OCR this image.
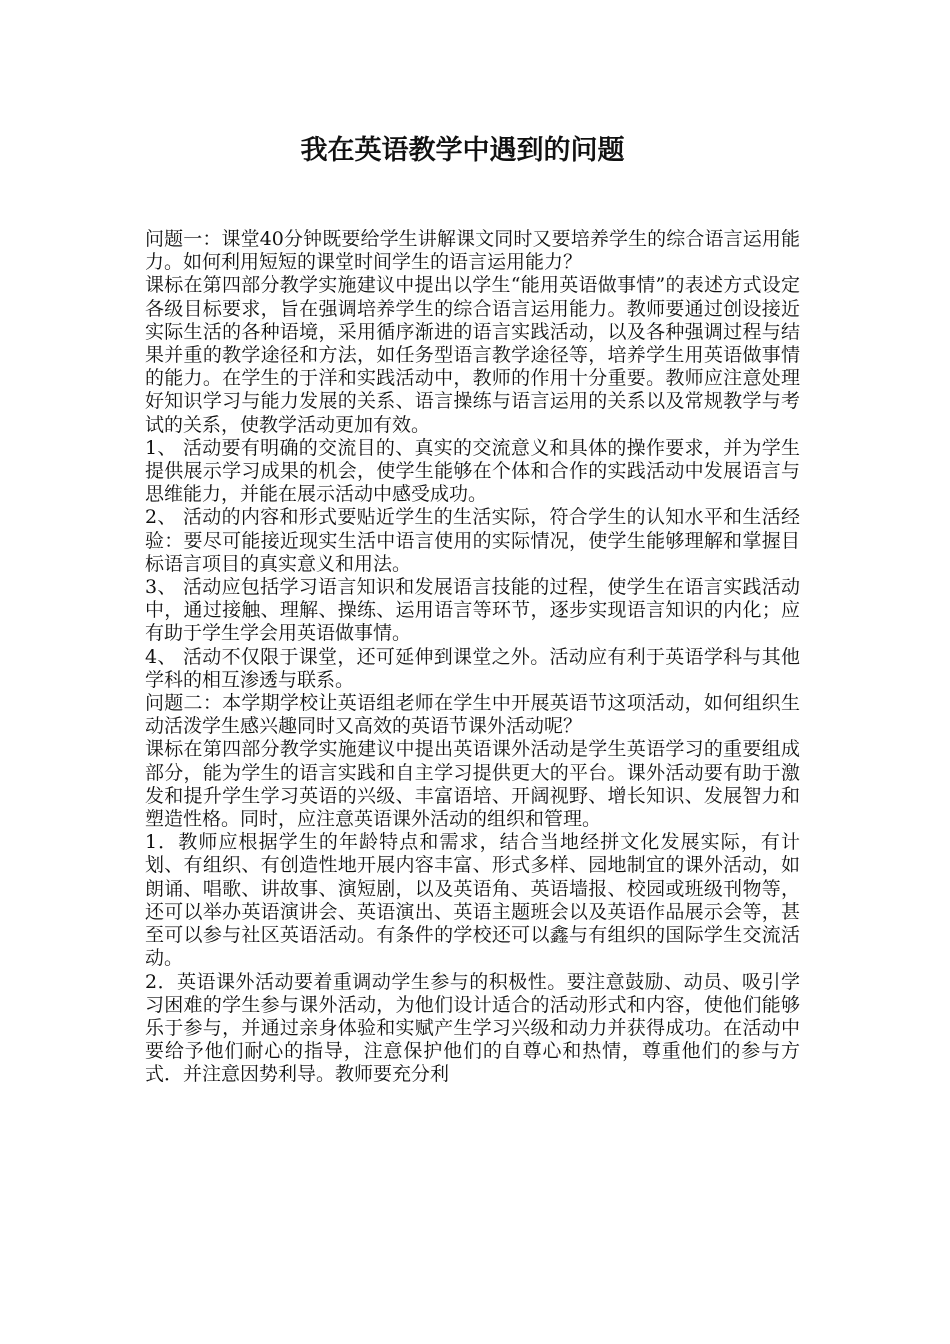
我在英语教学中遇到的问题

问题一：课堂40分钟既要给学生讲解课文同时又要培养学生的综合语言运用能力。如何利用短短的课堂时间学生的语言运用能力？

课标在第四部分教学实施建议中提出以学生“能用英语做事情”的表述方式设定各级目标要求，旨在强调培养学生的综合语言运用能力。教师要通过创设接近实际生活的各种语境，采用循序渐进的语言实践活动，以及各种强调过程与结果并重的教学途径和方法，如任务型语言教学途径等，培养学生用英语做事情的能力。在学生的于洋和实践活动中，教师的作用十分重要。教师应注意处理好知识学习与能力发展的关系、语言操练与语言运用的关系以及常规教学与考试的关系，使教学活动更加有效。

1、 活动要有明确的交流目的、真实的交流意义和具体的操作要求，并为学生提供展示学习成果的机会，使学生能够在个体和合作的实践活动中发展语言与思维能力，并能在展示活动中感受成功。

2、 活动的内容和形式要贴近学生的生活实际，符合学生的认知水平和生活经验：要尽可能接近现实生活中语言使用的实际情况，使学生能够理解和掌握目标语言项目的真实意义和用法。

3、 活动应包括学习语言知识和发展语言技能的过程，使学生在语言实践活动中，通过接触、理解、操练、运用语言等环节，逐步实现语言知识的内化；应有助于学生学会用英语做事情。

4、 活动不仅限于课堂，还可延伸到课堂之外。活动应有利于英语学科与其他学科的相互渗透与联系。

问题二：本学期学校让英语组老师在学生中开展英语节这项活动，如何组织生动活泼学生感兴趣同时又高效的英语节课外活动呢？

课标在第四部分教学实施建议中提出英语课外活动是学生英语学习的重要组成部分，能为学生的语言实践和自主学习提供更大的平台。课外活动要有助于激发和提升学生学习英语的兴级、丰富语培、开阔视野、增长知识、发展智力和塑造性格。同时，应注意英语课外活动的组织和管理。

1．教师应根据学生的年龄特点和需求，结合当地经拼文化发展实际，有计划、有组织、有创造性地开展内容丰富、形式多样、园地制宜的课外活动，如朗诵、唱歌、讲故事、演短剧，以及英语角、英语墙报、校园或班级刊物等，还可以举办英语演讲会、英语演出、英语主题班会以及英语作品展示会等，甚至可以参与社区英语活动。有条件的学校还可以鑫与有组织的国际学生交流活动。

2．英语课外活动要着重调动学生参与的积极性。要注意鼓励、动员、吸引学习困难的学生参与课外活动，为他们设计适合的活动形式和内容，使他们能够乐于参与，并通过亲身体验和实赋产生学习兴级和动力并获得成功。在活动中要给予他们耐心的指导，注意保护他们的自尊心和热情，尊重他们的参与方式．并注意因势利导。教师要充分利
